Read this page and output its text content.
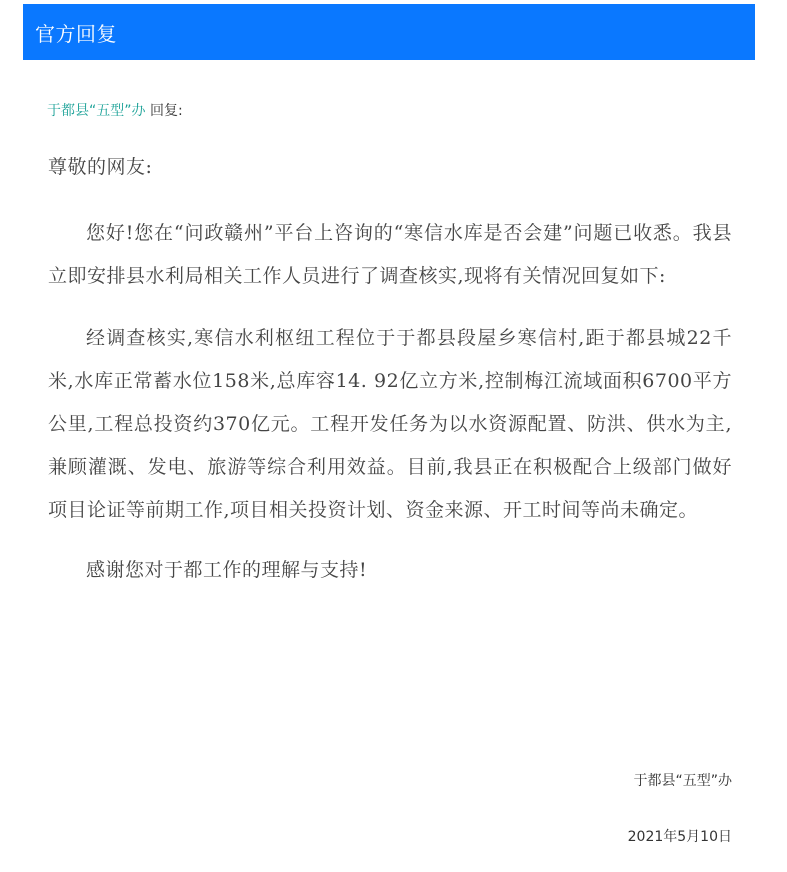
官方回复
于都县“五型”办 回复:

尊敬的网友:

您好!您在“问政赣州”平台上咨询的“寒信水库是否会建”问题已收悉。我县立即安排县水利局相关工作人员进行了调查核实,现将有关情况回复如下:

经调查核实,寒信水利枢纽工程位于于都县段屋乡寒信村,距于都县城22千米,水库正常蓄水位158米,总库容14. 92亿立方米,控制梅江流域面积6700平方公里,工程总投资约370亿元。工程开发任务为以水资源配置、防洪、供水为主,兼顾灌溉、发电、旅游等综合利用效益。目前,我县正在积极配合上级部门做好项目论证等前期工作,项目相关投资计划、资金来源、开工时间等尚未确定。

感谢您对于都工作的理解与支持!

于都县“五型”办
2021年5月10日
